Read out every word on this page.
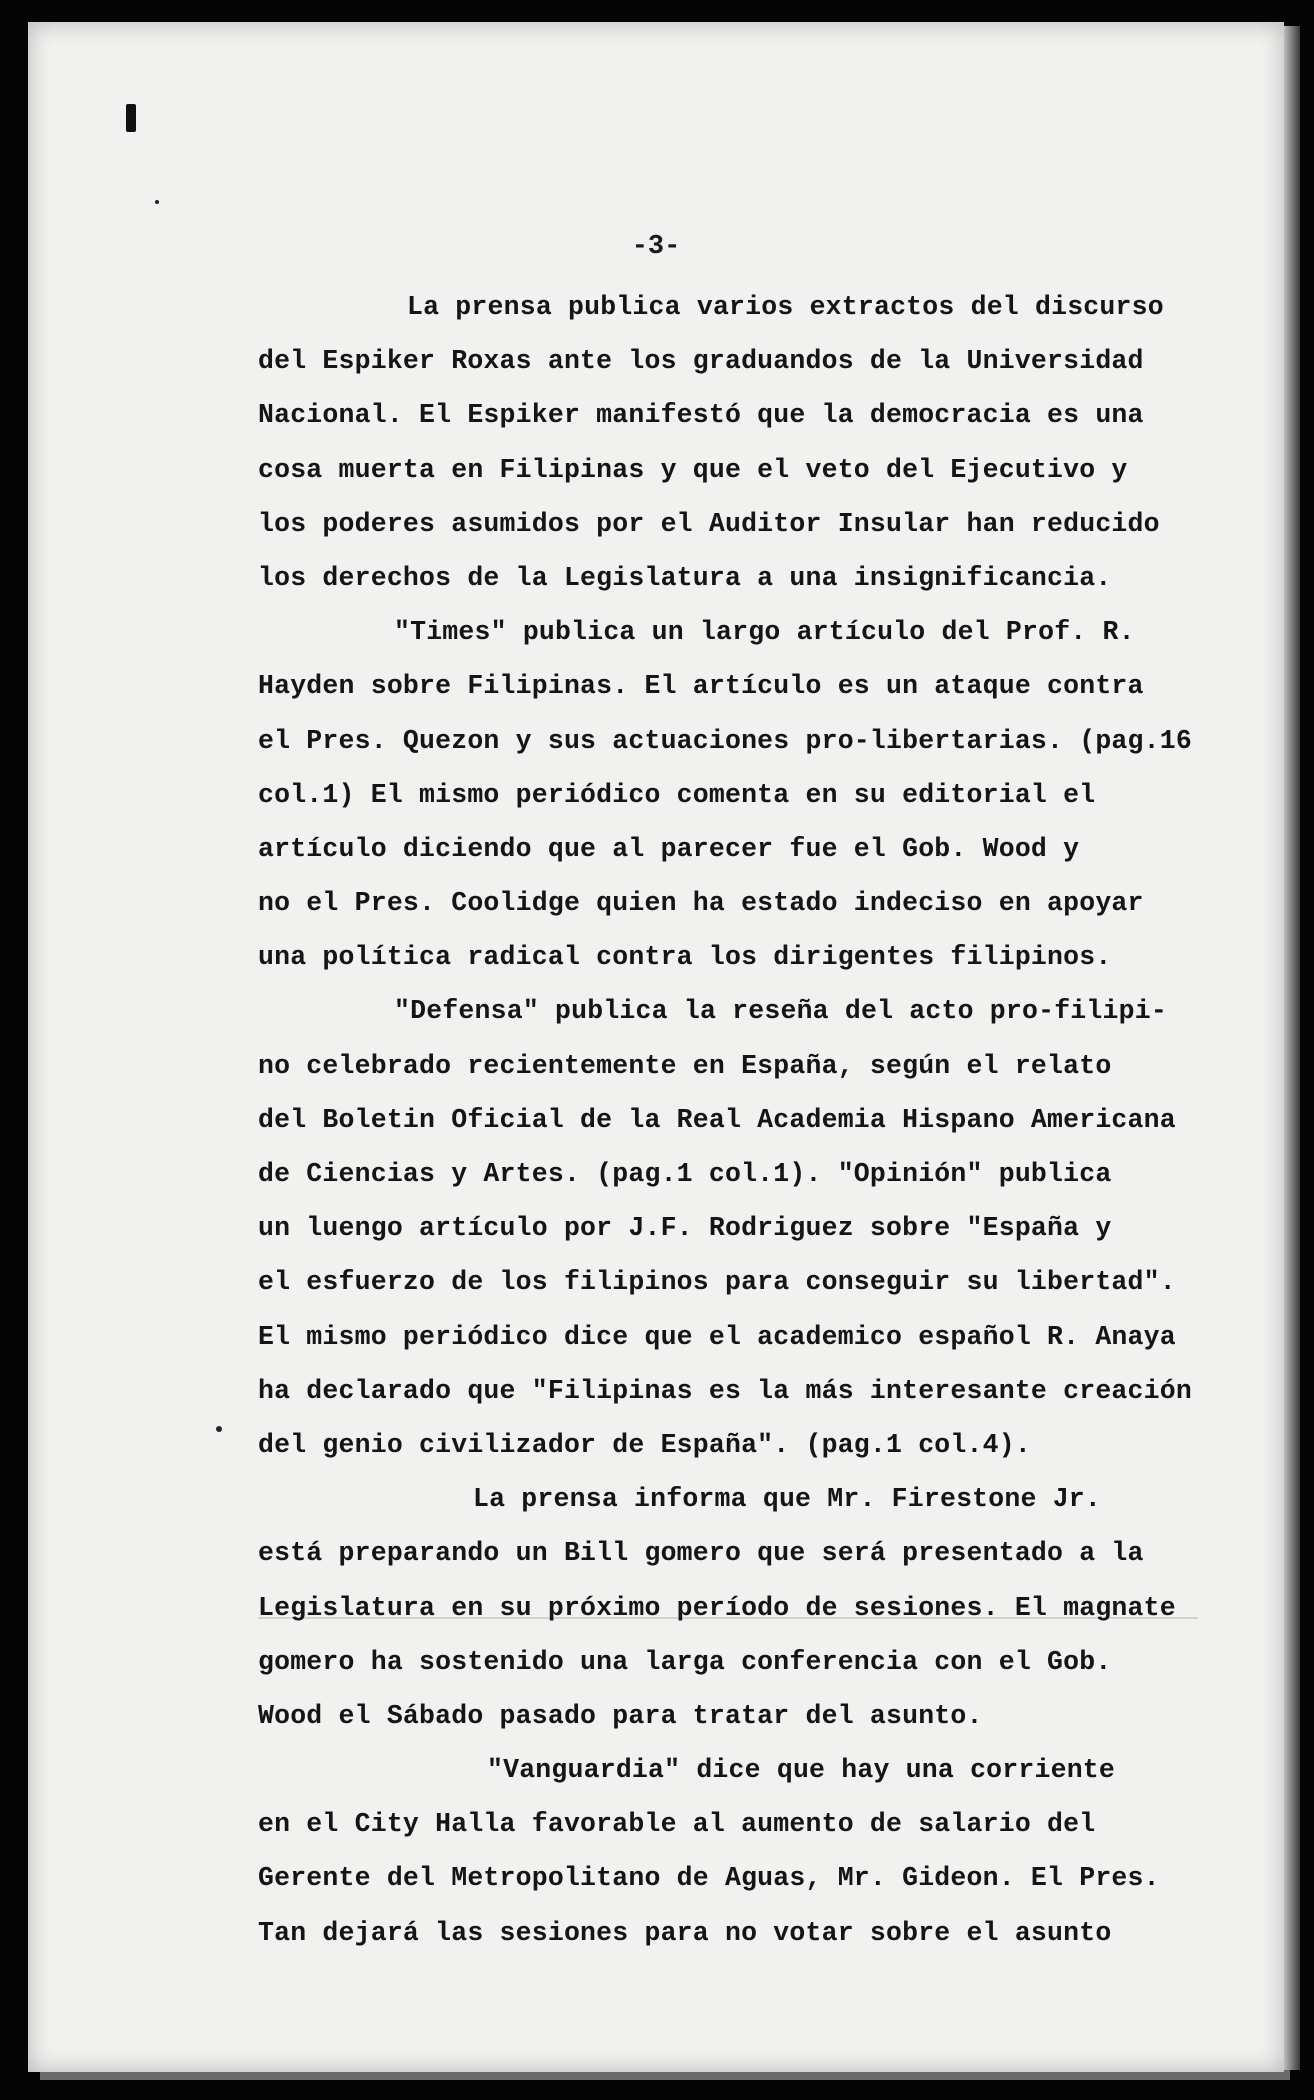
-3-
La prensa publica varios extractos del discurso
del Espiker Roxas ante los graduandos de la Universidad
Nacional. El Espiker manifestó que la democracia es una
cosa muerta en Filipinas y que el veto del Ejecutivo y
los poderes asumidos por el Auditor Insular han reducido
los derechos de la Legislatura a una insignificancia.
"Times" publica un largo artículo del Prof. R.
Hayden sobre Filipinas. El artículo es un ataque contra
el Pres. Quezon y sus actuaciones pro-libertarias. (pag.16
col.1) El mismo periódico comenta en su editorial el
artículo diciendo que al parecer fue el Gob. Wood y
no el Pres. Coolidge quien ha estado indeciso en apoyar
una política radical contra los dirigentes filipinos.
"Defensa" publica la reseña del acto pro-filipi-
no celebrado recientemente en España, según el relato
del Boletin Oficial de la Real Academia Hispano Americana
de Ciencias y Artes. (pag.1 col.1). "Opinión" publica
un luengo artículo por J.F. Rodriguez sobre "España y
el esfuerzo de los filipinos para conseguir su libertad".
El mismo periódico dice que el academico español R. Anaya
ha declarado que "Filipinas es la más interesante creación
del genio civilizador de España". (pag.1 col.4).
La prensa informa que Mr. Firestone Jr.
está preparando un Bill gomero que será presentado a la
Legislatura en su próximo período de sesiones. El magnate
gomero ha sostenido una larga conferencia con el Gob.
Wood el Sábado pasado para tratar del asunto.
"Vanguardia" dice que hay una corriente
en el City Halla favorable al aumento de salario del
Gerente del Metropolitano de Aguas, Mr. Gideon. El Pres.
Tan dejará las sesiones para no votar sobre el asunto
